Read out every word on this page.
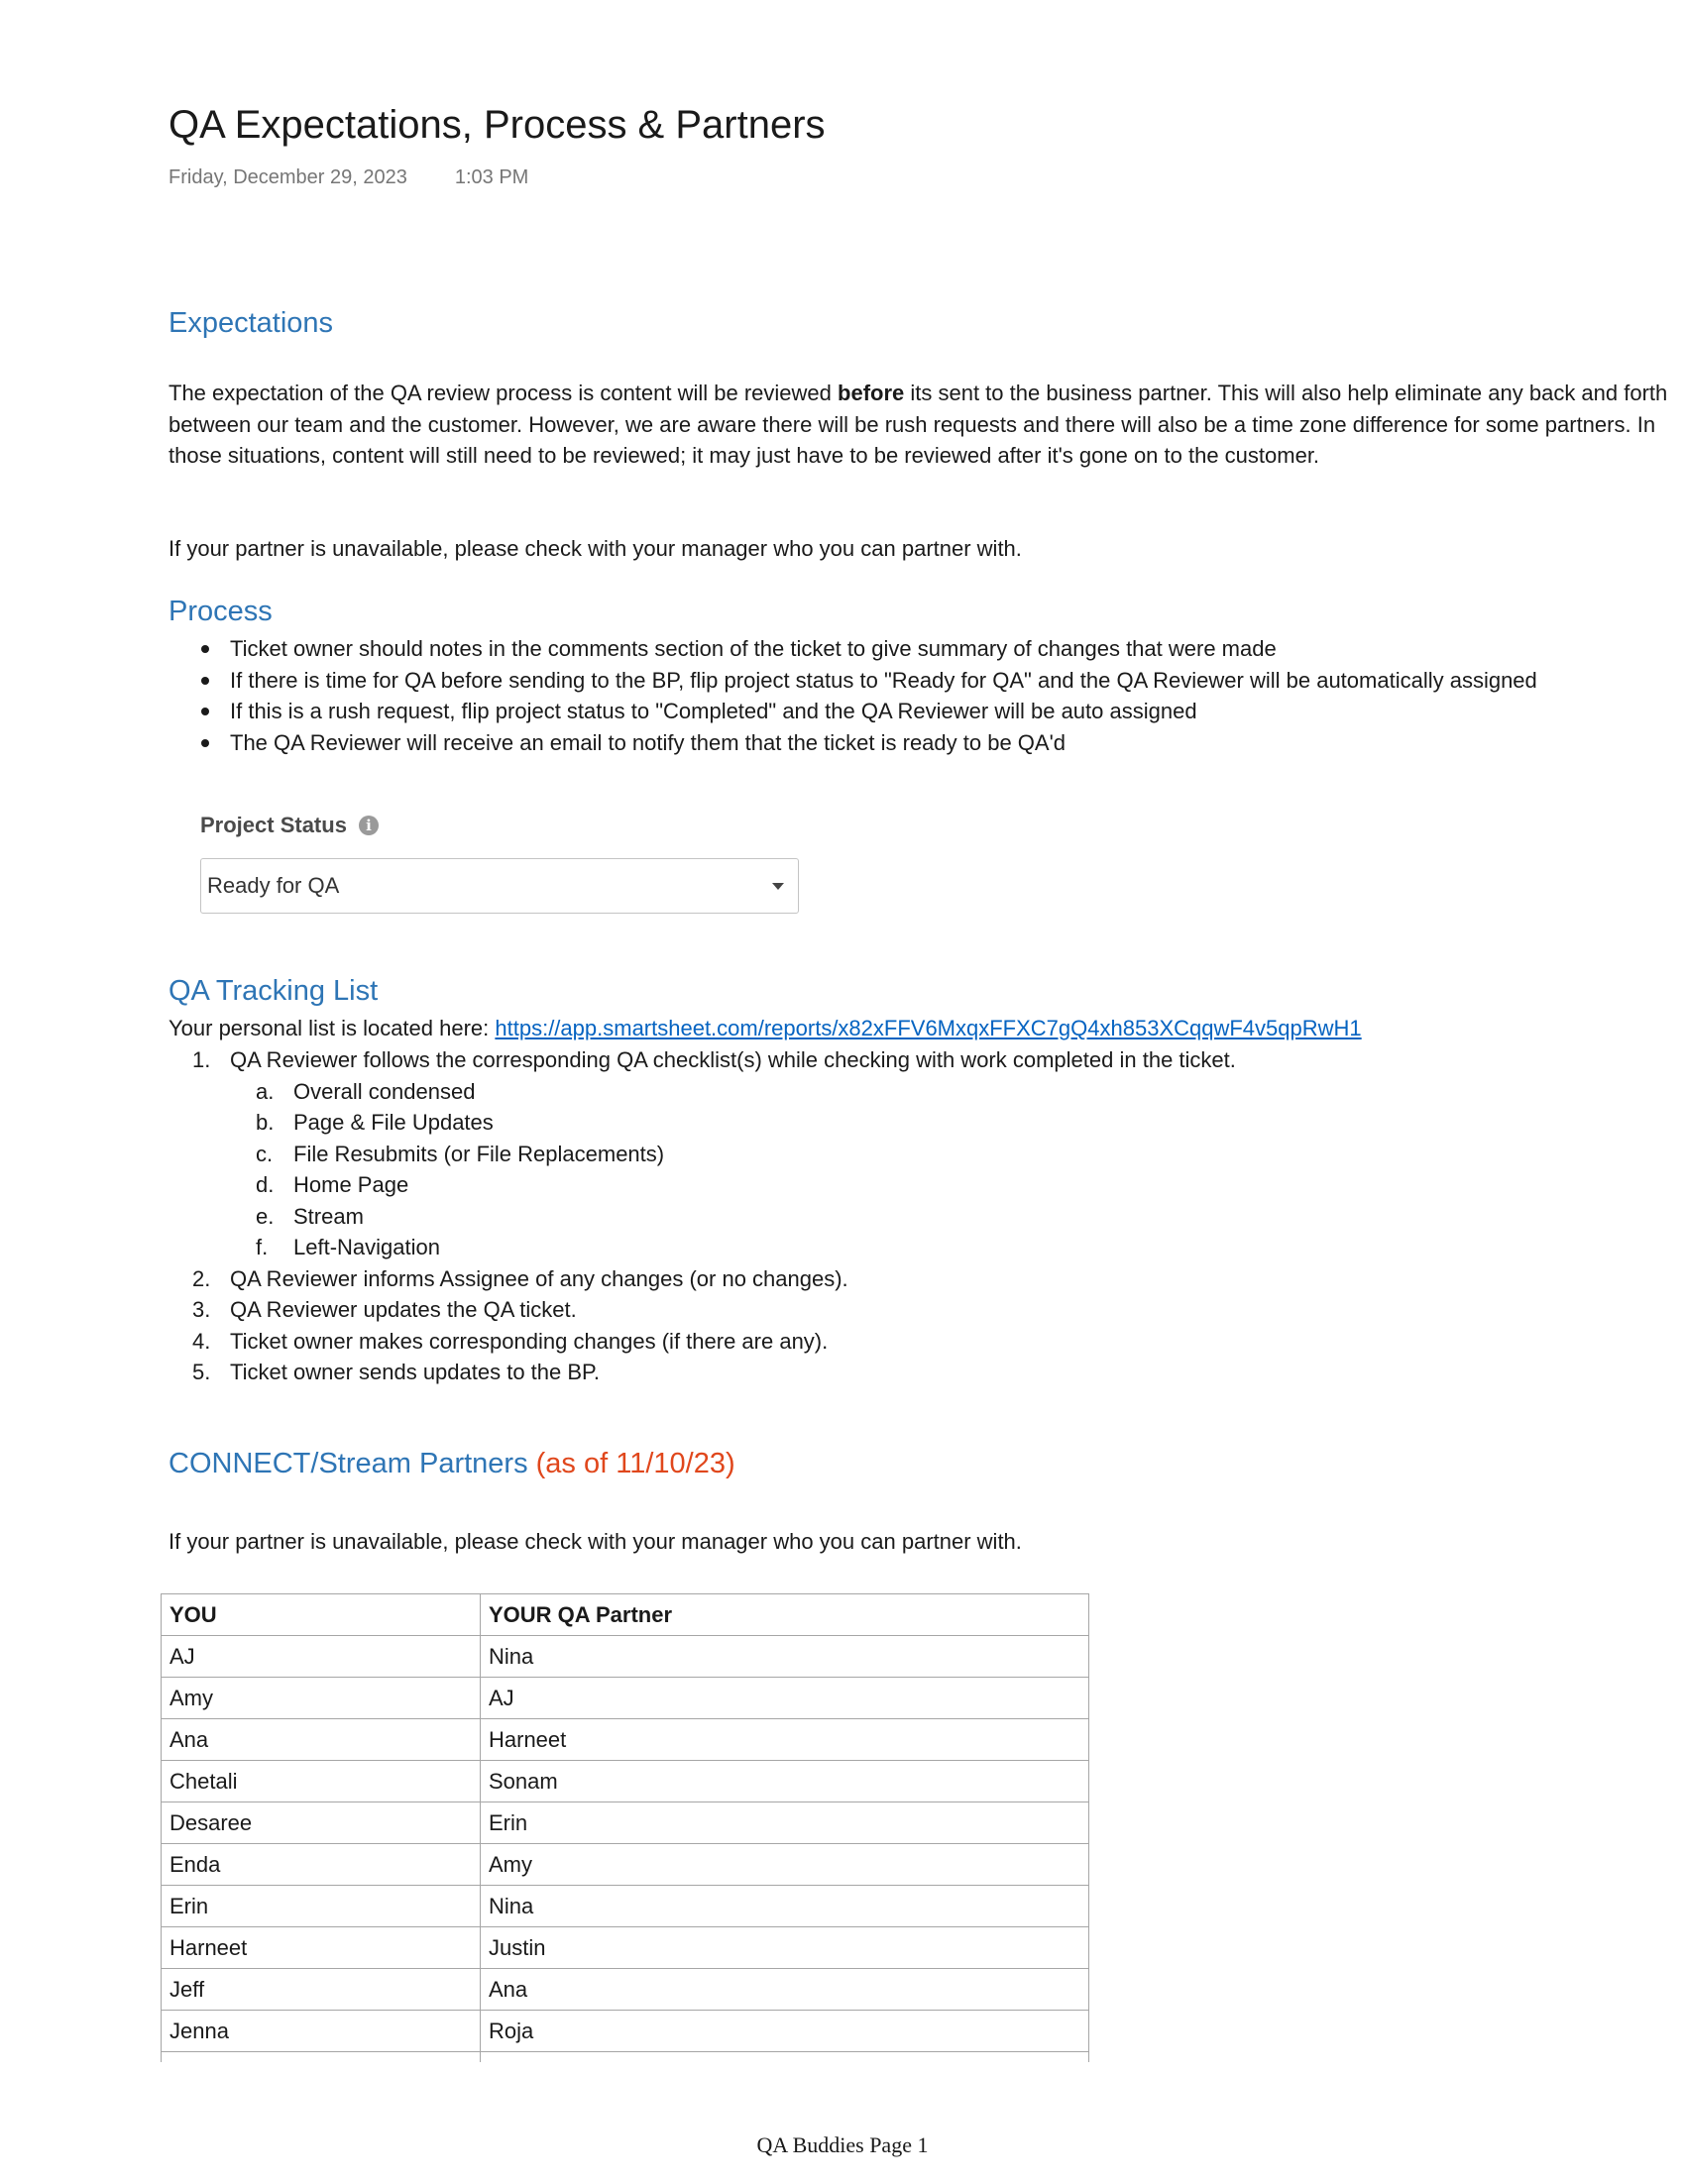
QA Expectations, Process & Partners
Friday, December 29, 2023 1:03 PM
Expectations

The expectation of the QA review process is content will be reviewed before its sent to the business partner. This will also help eliminate any back and forth between our team and the customer. However, we are aware there will be rush requests and there will also be a time zone difference for some partners. In those situations, content will still need to be reviewed; it may just have to be reviewed after it's gone on to the customer.

If your partner is unavailable, please check with your manager who you can partner with.

Process
Ticket owner should notes in the comments section of the ticket to give summary of changes that were made
If there is time for QA before sending to the BP, flip project status to "Ready for QA" and the QA Reviewer will be automatically assigned
If this is a rush request, flip project status to "Completed" and the QA Reviewer will be auto assigned
The QA Reviewer will receive an email to notify them that the ticket is ready to be QA'd
Project Status	i
Ready for QA
QA Tracking List

Your personal list is located here: https://app.smartsheet.com/reports/x82xFFV6MxqxFFXC7gQ4xh853XCqqwF4v5qpRwH1

1. QA Reviewer follows the corresponding QA checklist(s) while checking with work completed in the ticket.
a. Overall condensed
b. Page & File Updates
c. File Resubmits (or File Replacements)
d. Home Page
e. Stream
f. Left-Navigation
2. QA Reviewer informs Assignee of any changes (or no changes).
3. QA Reviewer updates the QA ticket.
4. Ticket owner makes corresponding changes (if there are any).
5. Ticket owner sends updates to the BP.
CONNECT/Stream Partners (as of 11/10/23)

If your partner is unavailable, please check with your manager who you can partner with.

YOU	YOUR QA Partner
AJ	Nina
Amy	AJ
Ana	Harneet
Chetali	Sonam
Desaree	Erin
Enda	Amy
Erin	Nina
Harneet	Justin
Jeff	Ana
Jenna	Roja

QA Buddies Page 1
